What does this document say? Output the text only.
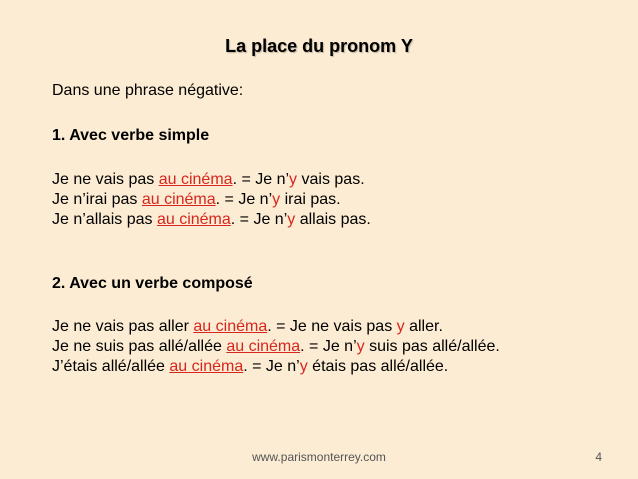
La place du pronom Y
Dans une phrase négative:
1. Avec verbe simple
Je ne vais pas au cinéma. = Je n’y vais pas.
Je n’irai pas au cinéma. = Je n’y irai pas.
Je n’allais pas au cinéma. = Je n’y allais pas.
2. Avec un verbe composé
Je ne vais pas aller au cinéma. = Je ne vais pas y aller.
Je ne suis pas allé/allée au cinéma. = Je n’y suis pas allé/allée.
J’étais allé/allée au cinéma. = Je n’y étais pas allé/allée.
www.parismonterrey.com	4
